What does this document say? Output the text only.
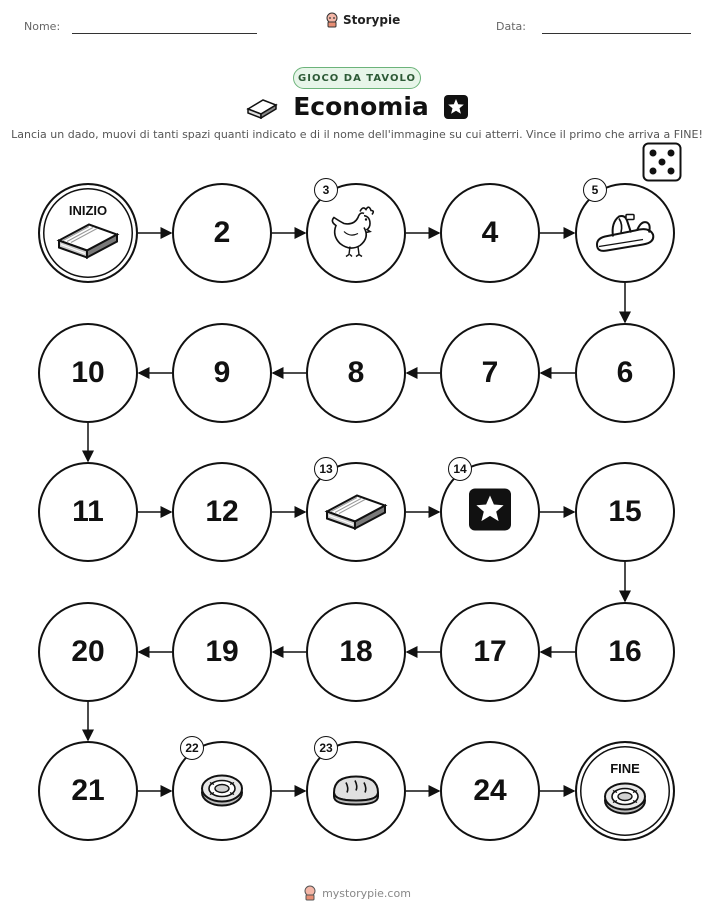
Nome:	Storypie	Data:
GIOCO DA TAVOLO
Economia
Lancia un dado, muovi di tanti spazi quanti indicato e di il nome dell'immagine su cui atterri. Vince il primo che arriva a FINE!
INIZIO
2
3
4
5
6
7
8
9
10
11	12
13	14
15
16
17
18
19
20
21
22	23
24
FINE
mystorypie.com
